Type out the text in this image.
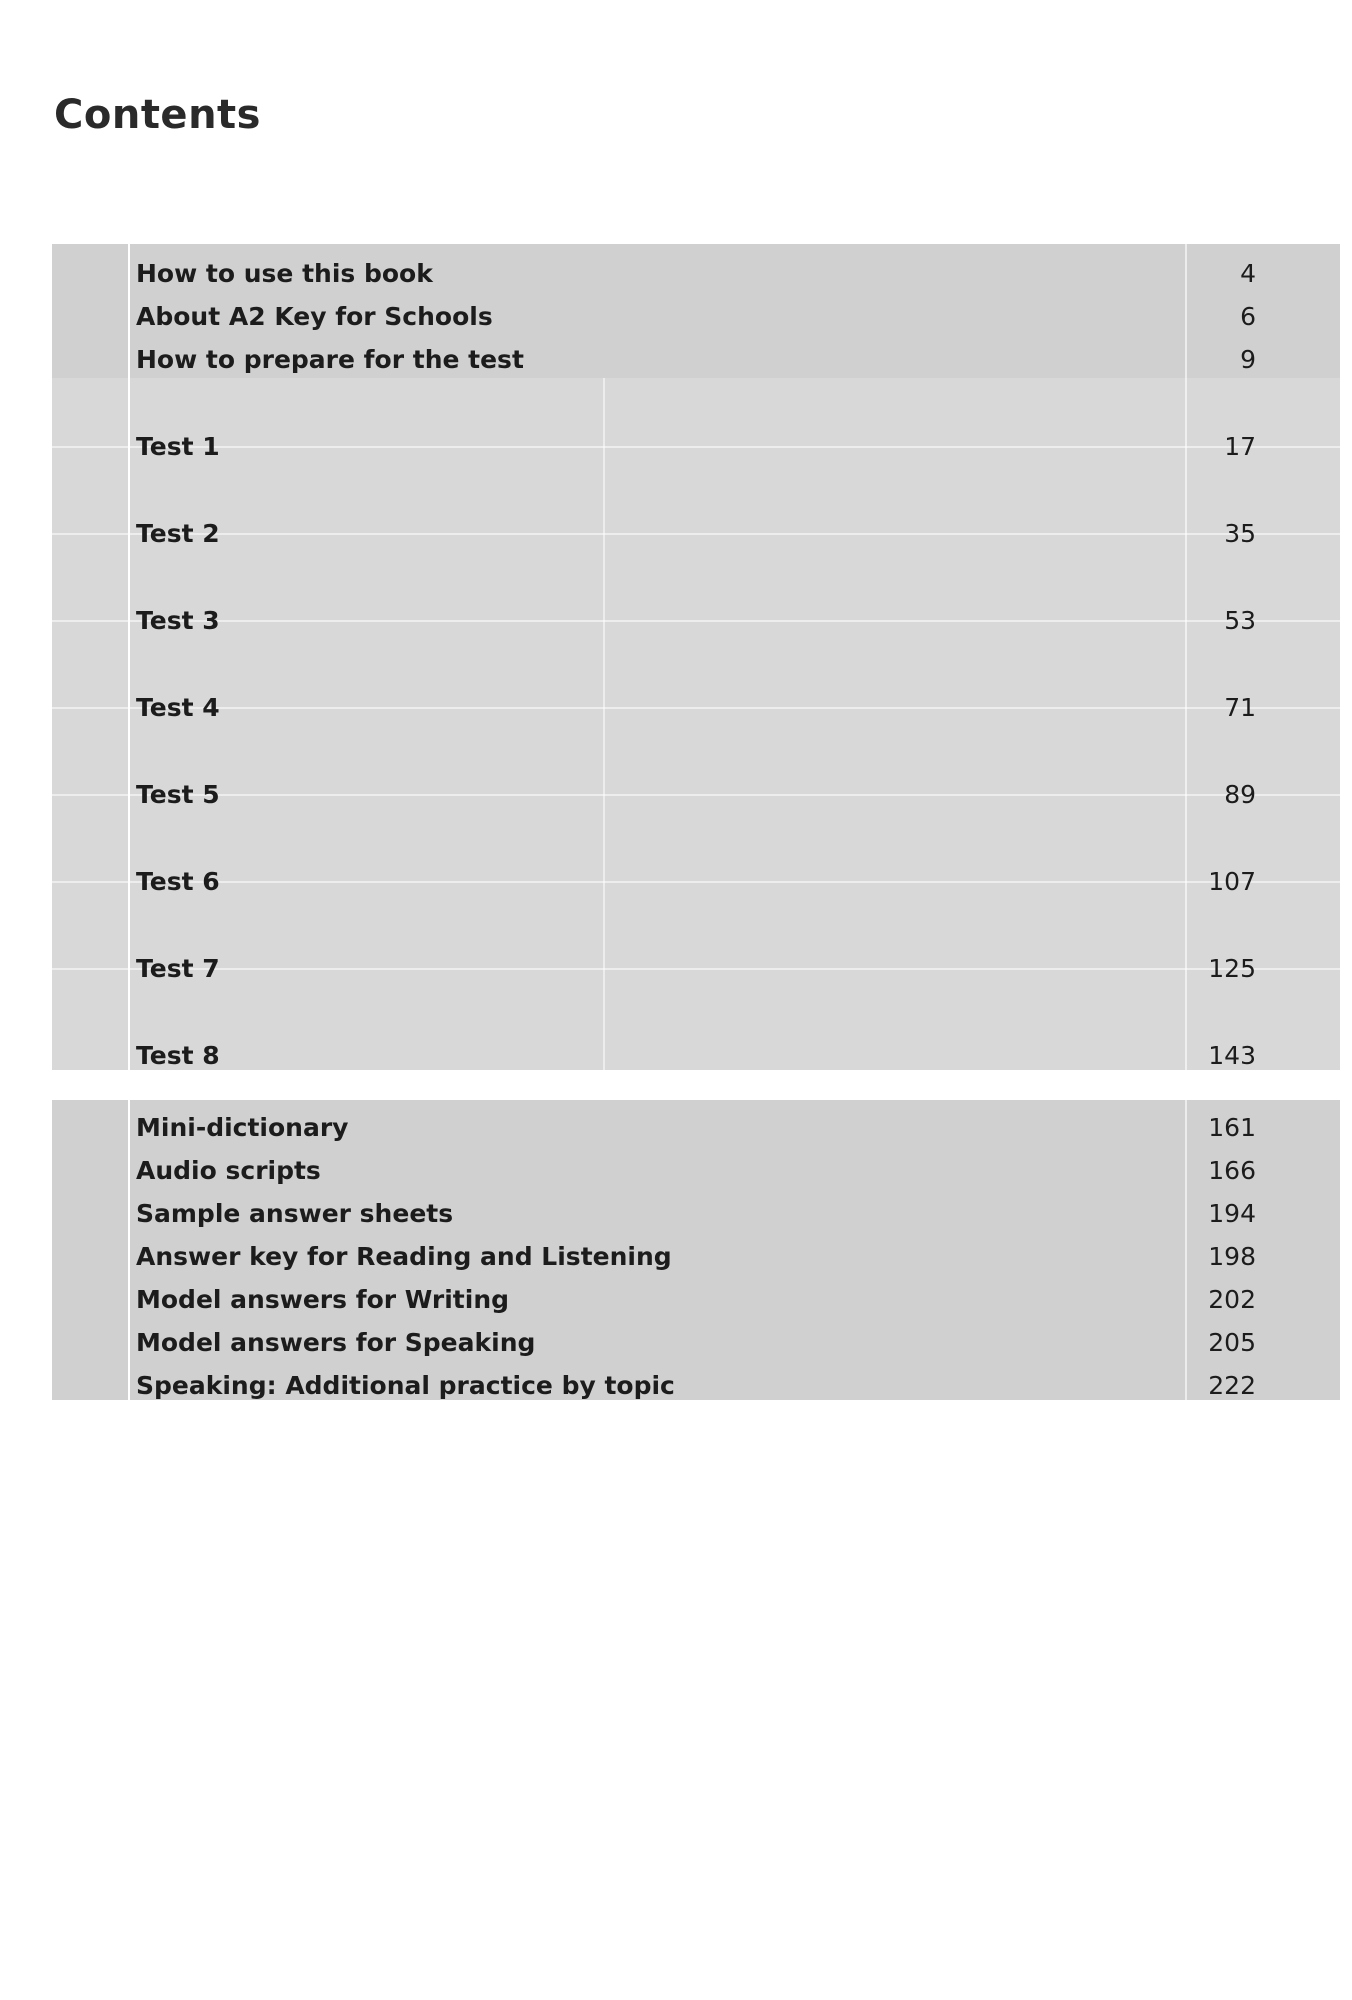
Contents
How to use this book	4
About A2 Key for Schools	6
How to prepare for the test	9
Test 1	17
Test 2	35
Test 3	53
Test 4	71
Test 5	89
Test 6	107
Test 7	125
Test 8	143
Mini-dictionary	161
Audio scripts	166
Sample answer sheets	194
Answer key for Reading and Listening	198
Model answers for Writing	202
Model answers for Speaking	205
Speaking: Additional practice by topic	222
